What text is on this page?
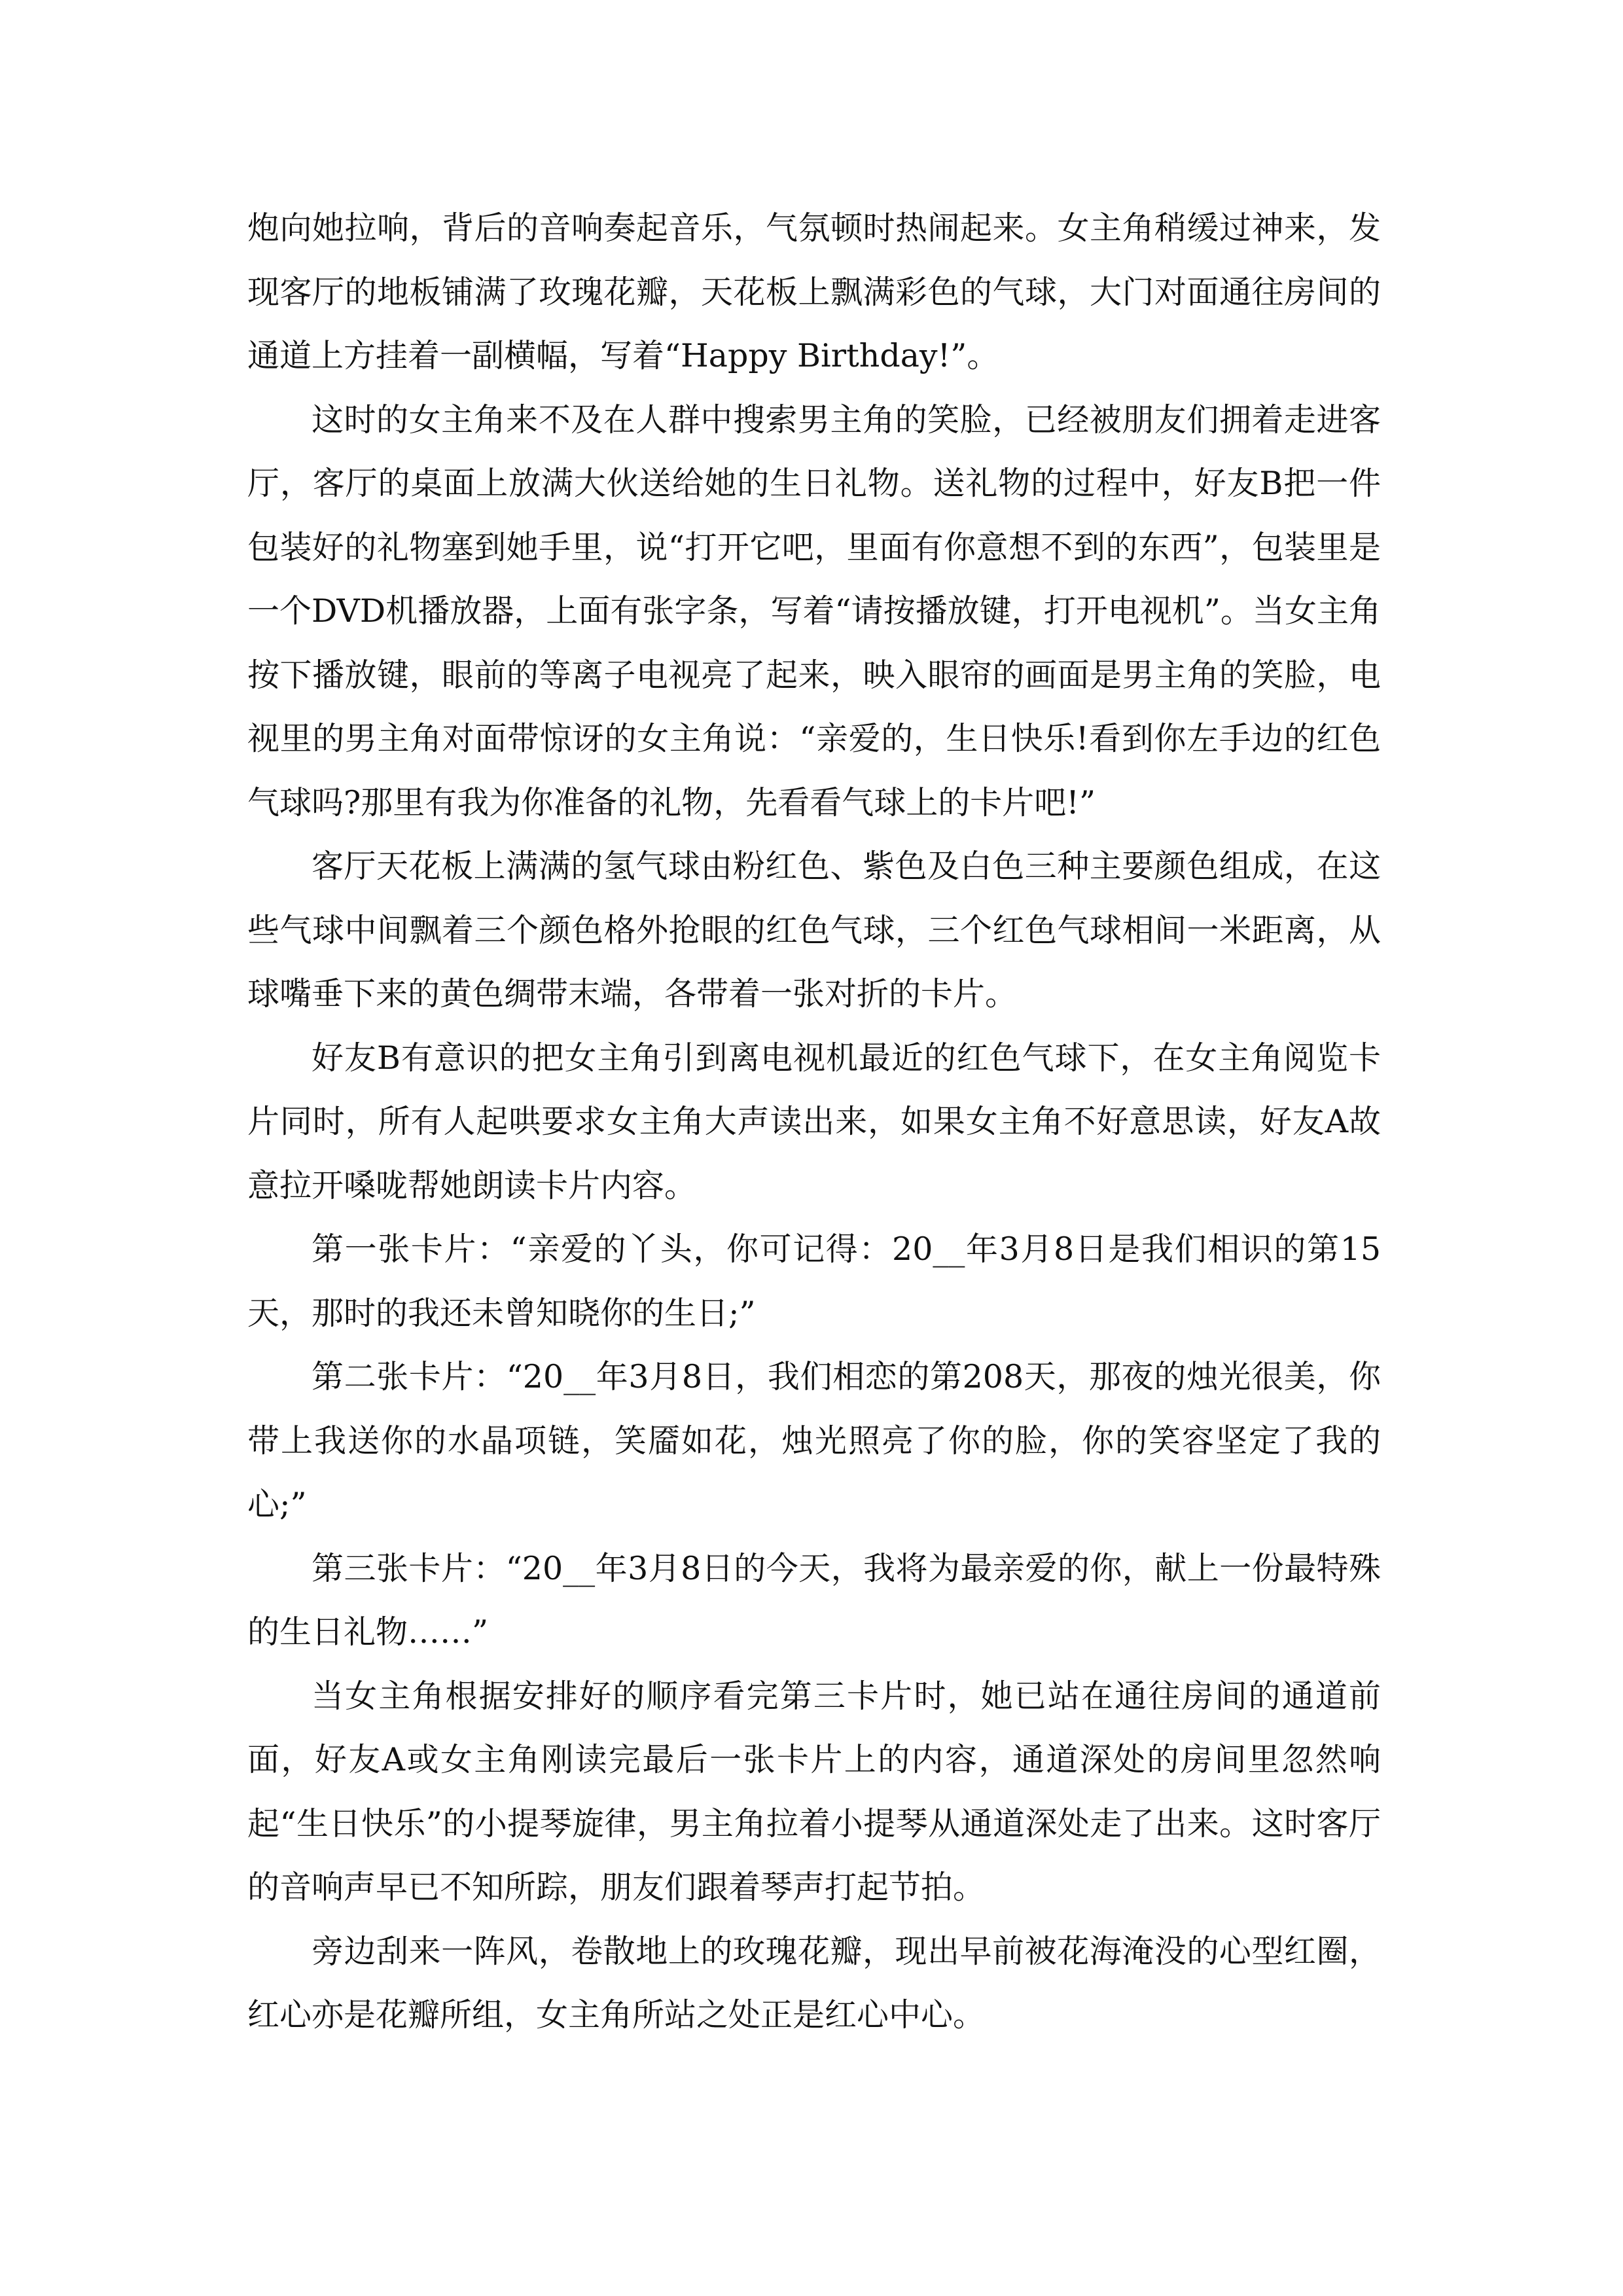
炮向她拉响，背后的音响奏起音乐，气氛顿时热闹起来。女主角稍缓过神来，发现客厅的地板铺满了玫瑰花瓣，天花板上飘满彩色的气球，大门对面通往房间的通道上方挂着一副横幅，写着“Happy Birthday!”。

这时的女主角来不及在人群中搜索男主角的笑脸，已经被朋友们拥着走进客厅，客厅的桌面上放满大伙送给她的生日礼物。送礼物的过程中，好友B把一件包装好的礼物塞到她手里，说“打开它吧，里面有你意想不到的东西”，包装里是一个DVD机播放器，上面有张字条，写着“请按播放键，打开电视机”。当女主角按下播放键，眼前的等离子电视亮了起来，映入眼帘的画面是男主角的笑脸，电视里的男主角对面带惊讶的女主角说：“亲爱的，生日快乐!看到你左手边的红色气球吗?那里有我为你准备的礼物，先看看气球上的卡片吧!”

客厅天花板上满满的氢气球由粉红色、紫色及白色三种主要颜色组成，在这些气球中间飘着三个颜色格外抢眼的红色气球，三个红色气球相间一米距离，从球嘴垂下来的黄色绸带末端，各带着一张对折的卡片。

好友B有意识的把女主角引到离电视机最近的红色气球下，在女主角阅览卡片同时，所有人起哄要求女主角大声读出来，如果女主角不好意思读，好友A故意拉开嗓咙帮她朗读卡片内容。

第一张卡片：“亲爱的丫头，你可记得：20__年3月8日是我们相识的第15天，那时的我还未曾知晓你的生日;”

第二张卡片：“20__年3月8日，我们相恋的第208天，那夜的烛光很美，你带上我送你的水晶项链，笑靥如花，烛光照亮了你的脸，你的笑容坚定了我的心;”

第三张卡片：“20__年3月8日的今天，我将为最亲爱的你，献上一份最特殊的生日礼物……”

当女主角根据安排好的顺序看完第三卡片时，她已站在通往房间的通道前面，好友A或女主角刚读完最后一张卡片上的内容，通道深处的房间里忽然响起“生日快乐”的小提琴旋律，男主角拉着小提琴从通道深处走了出来。这时客厅的音响声早已不知所踪，朋友们跟着琴声打起节拍。

旁边刮来一阵风，卷散地上的玫瑰花瓣，现出早前被花海淹没的心型红圈，红心亦是花瓣所组，女主角所站之处正是红心中心。
